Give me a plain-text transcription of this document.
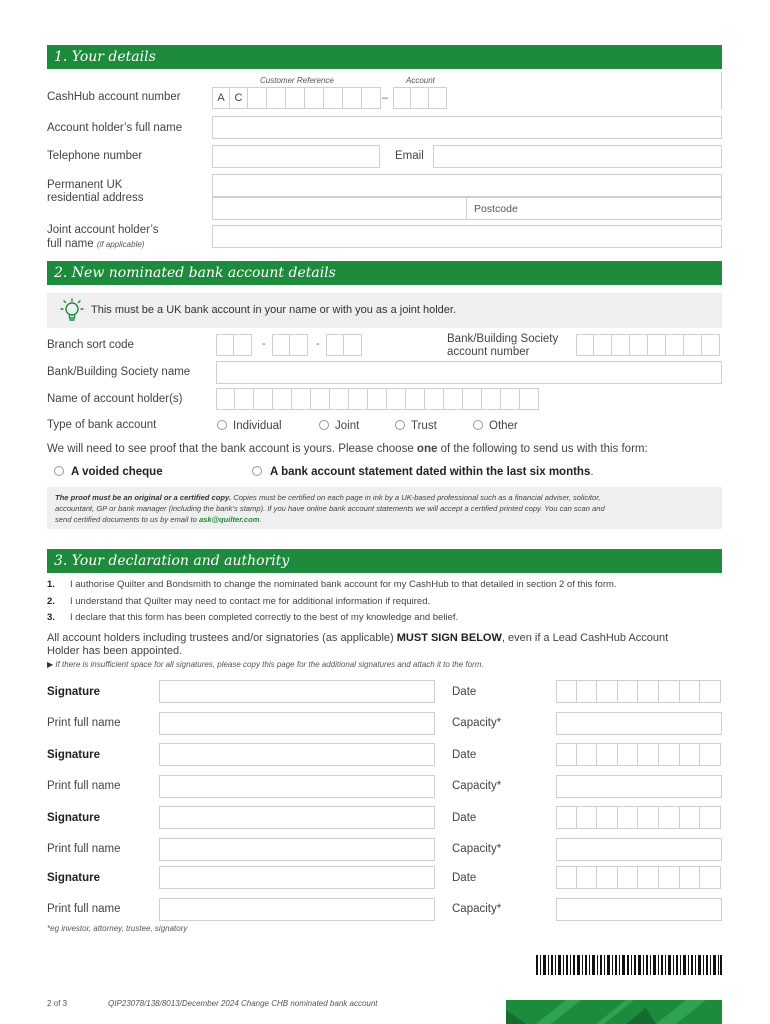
1. Your details
Customer Reference	Account
CashHub account number	A C	–
Account holder’s full name
Telephone number	Email
Permanent UK
residential address
Postcode
Joint account holder’s
full name (if applicable)
2. New nominated bank account details
This must be a UK bank account in your name or with you as a joint holder.
Branch sort code	-	-	Bank/Building Society
account number
Bank/Building Society name
Name of account holder(s)
Type of bank account	Individual	Joint	Trust	Other
We will need to see proof that the bank account is yours. Please choose one of the following to send us with this form:
A voided cheque	A bank account statement dated within the last six months.
The proof must be an original or a certified copy. Copies must be certified on each page in ink by a UK-based professional such as a financial adviser, solicitor,
accountant, GP or bank manager (including the bank’s stamp). If you have online bank account statements we will accept a certified printed copy. You can scan and
send certified documents to us by email to ask@quilter.com.
3. Your declaration and authority
1. I authorise Quilter and Bondsmith to change the nominated bank account for my CashHub to that detailed in section 2 of this form.
2. I understand that Quilter may need to contact me for additional information if required.
3. I declare that this form has been completed correctly to the best of my knowledge and belief.
All account holders including trustees and/or signatories (as applicable) MUST SIGN BELOW, even if a Lead CashHub Account
Holder has been appointed.
▶ If there is insufficient space for all signatures, please copy this page for the additional signatures and attach it to the form.
Signature	Date
Print full name	Capacity*
Signature	Date
Print full name	Capacity*
Signature	Date
Print full name	Capacity*
Signature	Date
Print full name	Capacity*
*eg investor, attorney, trustee, signatory
2 of 3	QIP23078/138/8013/December 2024 Change CHB nominated bank account
